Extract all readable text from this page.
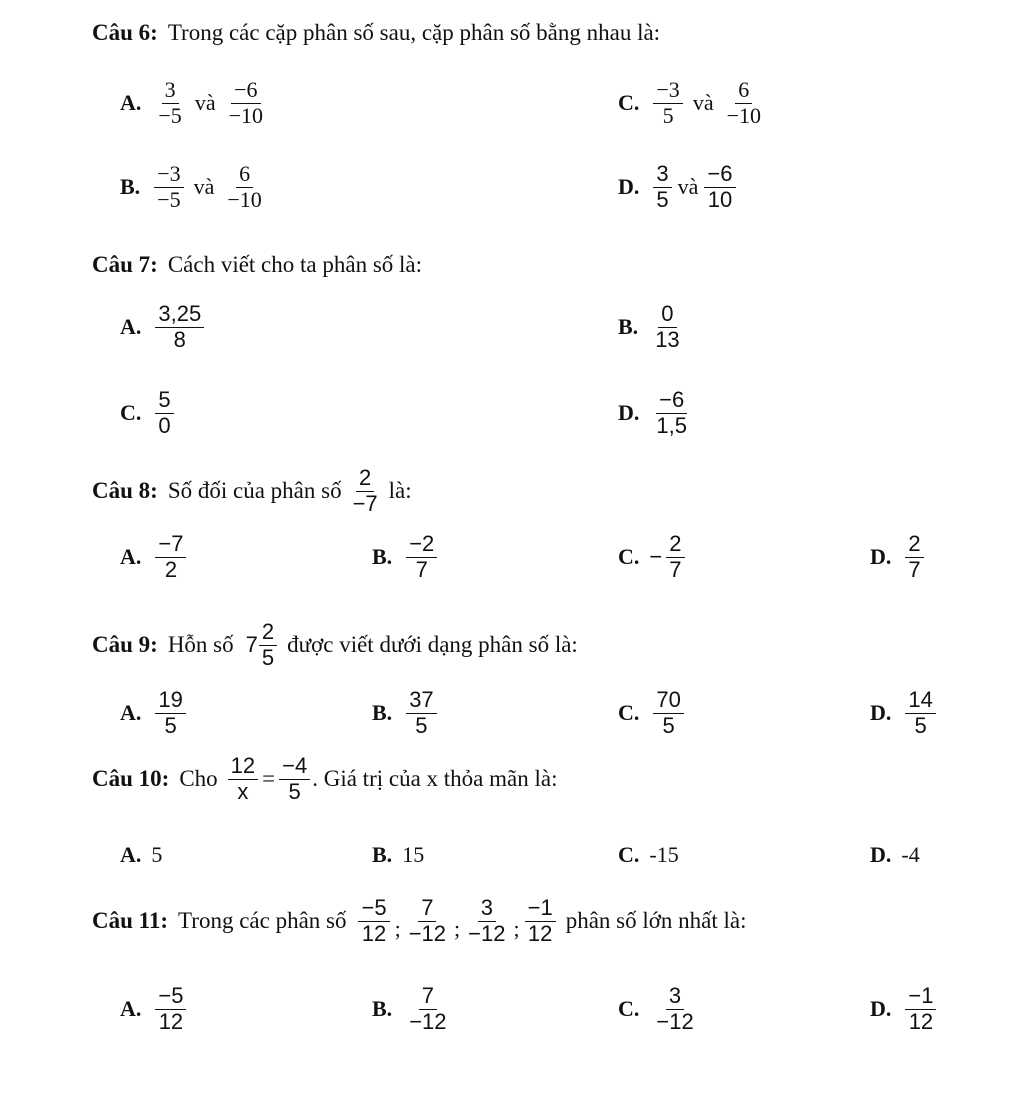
Câu 6: Trong các cặp phân số sau, cặp phân số bằng nhau là:
A. $\frac{3}{-5}$ và $\frac{-6}{-10}$	C. $\frac{-3}{5}$ và $\frac{6}{-10}$
B. $\frac{-3}{-5}$ và $\frac{6}{-10}$	D. $\frac{3}{5}$ và $\frac{-6}{10}$
Câu 7: Cách viết cho ta phân số là:
A. $\frac{3,25}{8}$	B. $\frac{0}{13}$
C. $\frac{5}{0}$	D. $\frac{-6}{1,5}$
Câu 8: Số đối của phân số $\frac{2}{-7}$ là:
A. $\frac{-7}{2}$	B. $\frac{-2}{7}$	C. − $\frac{2}{7}$	D. $\frac{2}{7}$
Câu 9: Hỗn số $7 \frac{2}{5}$ được viết dưới dạng phân số là:
A. $\frac{19}{5}$	B. $\frac{37}{5}$	C. $\frac{70}{5}$	D. $\frac{14}{5}$
Câu 10: Cho $\frac{12}{x} = \frac{-4}{5}$ . Giá trị của x thỏa mãn là:
A. 5	B. 15	C. -15	D. -4
Câu 11: Trong các phân số $\frac{-5}{12}$ ; $\frac{7}{-12}$ ; $\frac{3}{-12}$ ; $\frac{-1}{12}$ phân số lớn nhất là:
A. $\frac{-5}{12}$	B. $\frac{7}{-12}$	C. $\frac{3}{-12}$	D. $\frac{-1}{12}$
